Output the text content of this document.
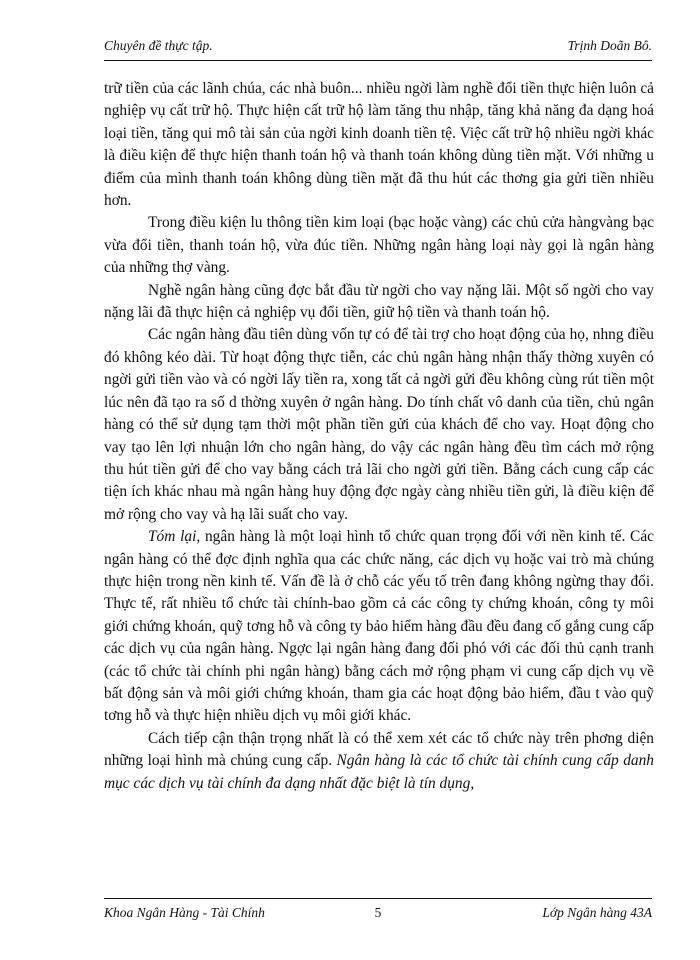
Chuyên đề thực tập.	Trịnh Doãn Bô.

trữ tiền của các lãnh chúa, các nhà buôn... nhiều ngời làm nghề đổi tiền thực hiện luôn cả nghiệp vụ cất trữ hộ. Thực hiện cất trữ hộ làm tăng thu nhập, tăng khả năng đa dạng hoá loại tiền, tăng qui mô tài sản của ngời kinh doanh tiền tệ. Việc cất trữ hộ nhiều ngời khác là điều kiện để thực hiện thanh toán hộ và thanh toán không dùng tiền mặt. Với những u điểm của mình thanh toán không dùng tiền mặt đã thu hút các thơng gia gửi tiền nhiều hơn.

Trong điều kiện lu thông tiền kim loại (bạc hoặc vàng) các chủ cửa hàngvàng bạc vừa đổi tiền, thanh toán hộ, vừa đúc tiền. Những ngân hàng loại này gọi là ngân hàng của những thợ vàng.

Nghề ngân hàng cũng đợc bắt đầu từ ngời cho vay nặng lãi. Một số ngời cho vay nặng lãi đã thực hiện cả nghiệp vụ đổi tiền, giữ hộ tiền và thanh toán hộ.

Các ngân hàng đầu tiên dùng vốn tự có để tài trợ cho hoạt động của họ, nhng điều đó không kéo dài. Từ hoạt động thực tiễn, các chủ ngân hàng nhận thấy thờng xuyên có ngời gửi tiền vào và có ngời lấy tiền ra, xong tất cả ngời gửi đều không cùng rút tiền một lúc nên đã tạo ra số d thờng xuyên ở ngân hàng. Do tính chất vô danh của tiền, chủ ngân hàng có thể sử dụng tạm thời một phần tiền gửi của khách để cho vay. Hoạt động cho vay tạo lên lợi nhuận lớn cho ngân hàng, do vậy các ngân hàng đều tìm cách mở rộng thu hút tiền gửi để cho vay bằng cách trả lãi cho ngời gửi tiền. Bằng cách cung cấp các tiện ích khác nhau mà ngân hàng huy động đợc ngày càng nhiều tiền gửi, là điều kiện để mở rộng cho vay và hạ lãi suất cho vay.

Tóm lại, ngân hàng là một loại hình tổ chức quan trọng đối với nền kinh tế. Các ngân hàng có thể đợc định nghĩa qua các chức năng, các dịch vụ hoặc vai trò mà chúng thực hiện trong nền kinh tế. Vấn đề là ở chỗ các yếu tố trên đang không ngừng thay đổi. Thực tế, rất nhiều tổ chức tài chính-bao gồm cả các công ty chứng khoán, công ty môi giới chứng khoán, quỹ tơng hỗ và công ty bảo hiểm hàng đầu đều đang cố gắng cung cấp các dịch vụ của ngân hàng. Ngợc lại ngân hàng đang đối phó với các đối thủ cạnh tranh (các tổ chức tài chính phi ngân hàng) bằng cách mở rộng phạm vi cung cấp dịch vụ về bất động sản và môi giới chứng khoán, tham gia các hoạt động bảo hiểm, đầu t vào quỹ tơng hỗ và thực hiện nhiều dịch vụ môi giới khác.

Cách tiếp cận thận trọng nhất là có thể xem xét các tổ chức này trên phơng diện những loại hình mà chúng cung cấp. Ngân hàng là các tổ chức tài chính cung cấp danh mục các dịch vụ tài chính đa dạng nhất đặc biệt là tín dụng,

Khoa Ngân Hàng - Tài Chính	5	Lớp Ngân hàng 43A
